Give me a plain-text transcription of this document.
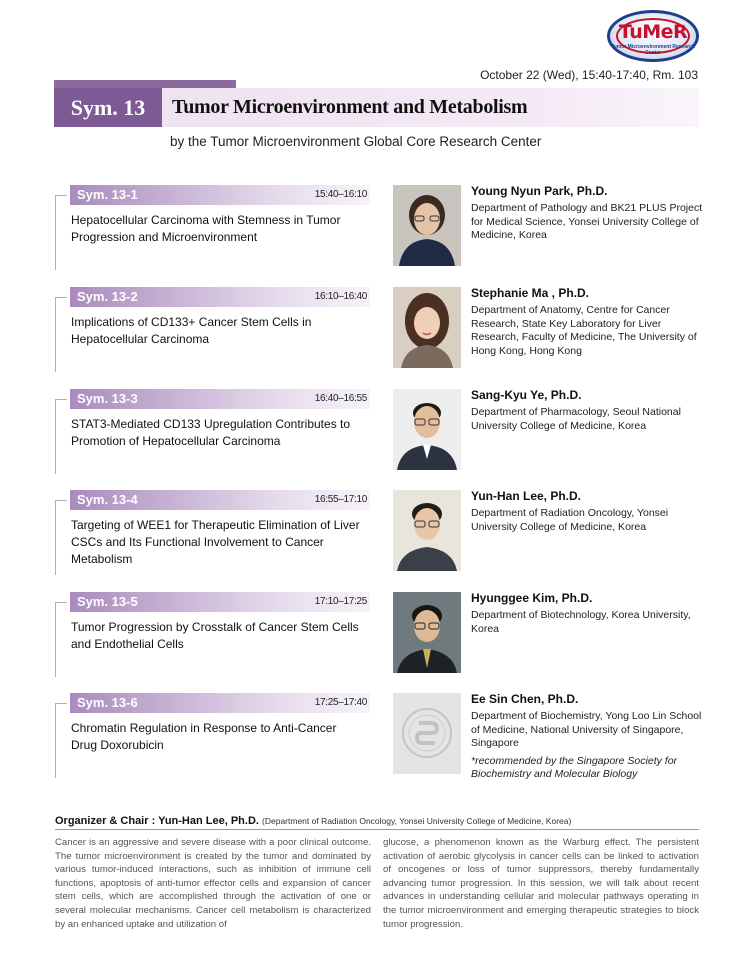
TuMeR
Tumor Microenvironment Research Center
October 22 (Wed), 15:40-17:40, Rm. 103
Sym. 13	Tumor Microenvironment and Metabolism
by the Tumor Microenvironment Global Core Research Center
Sym. 13-1	15:40–16:10
Hepatocellular Carcinoma with Stemness in Tumor Progression and Microenvironment
Young Nyun Park, Ph.D.
Department of Pathology and BK21 PLUS Project for Medical Science, Yonsei University College of Medicine, Korea
Sym. 13-2	16:10–16:40
Implications of CD133+ Cancer Stem Cells in Hepatocellular Carcinoma
Stephanie Ma , Ph.D.
Department of Anatomy, Centre for Cancer Research, State Key Laboratory for Liver Research, Faculty of Medicine, The University of Hong Kong, Hong Kong
Sym. 13-3	16:40–16:55
STAT3-Mediated CD133 Upregulation Contributes to Promotion of Hepatocellular Carcinoma
Sang-Kyu Ye, Ph.D.
Department of Pharmacology, Seoul National University College of Medicine, Korea
Sym. 13-4	16:55–17:10
Targeting of WEE1 for Therapeutic Elimination of Liver CSCs and Its Functional Involvement to Cancer Metabolism
Yun-Han Lee, Ph.D.
Department of Radiation Oncology, Yonsei University College of Medicine, Korea
Sym. 13-5	17:10–17:25
Tumor Progression by Crosstalk of Cancer Stem Cells and Endothelial Cells
Hyunggee Kim, Ph.D.
Department of Biotechnology, Korea University, Korea
Sym. 13-6	17:25–17:40
Chromatin Regulation in Response to Anti-Cancer Drug Doxorubicin
Ee Sin Chen, Ph.D.
Department of Biochemistry, Yong Loo Lin School of Medicine, National University of Singapore, Singapore
*recommended by the Singapore Society for Biochemistry and Molecular Biology
Organizer & Chair : Yun-Han Lee, Ph.D. (Department of Radiation Oncology, Yonsei University College of Medicine, Korea)
Cancer is an aggressive and severe disease with a poor clinical outcome. The tumor microenvironment is created by the tumor and dominated by various tumor-induced interactions, such as inhibition of immune cell functions, apoptosis of anti-tumor effector cells and expansion of cancer stem cells, which are accomplished through the activation of one or several molecular mechanisms. Cancer cell metabolism is characterized by an enhanced uptake and utilization of
glucose, a phenomenon known as the Warburg effect. The persistent activation of aerobic glycolysis in cancer cells can be linked to activation of oncogenes or loss of tumor suppressors, thereby fundamentally advancing tumor progression. In this session, we will talk about recent advances in understanding cellular and molecular pathways operating in the tumor microenvironment and emerging therapeutic strategies to block tumor progression.
